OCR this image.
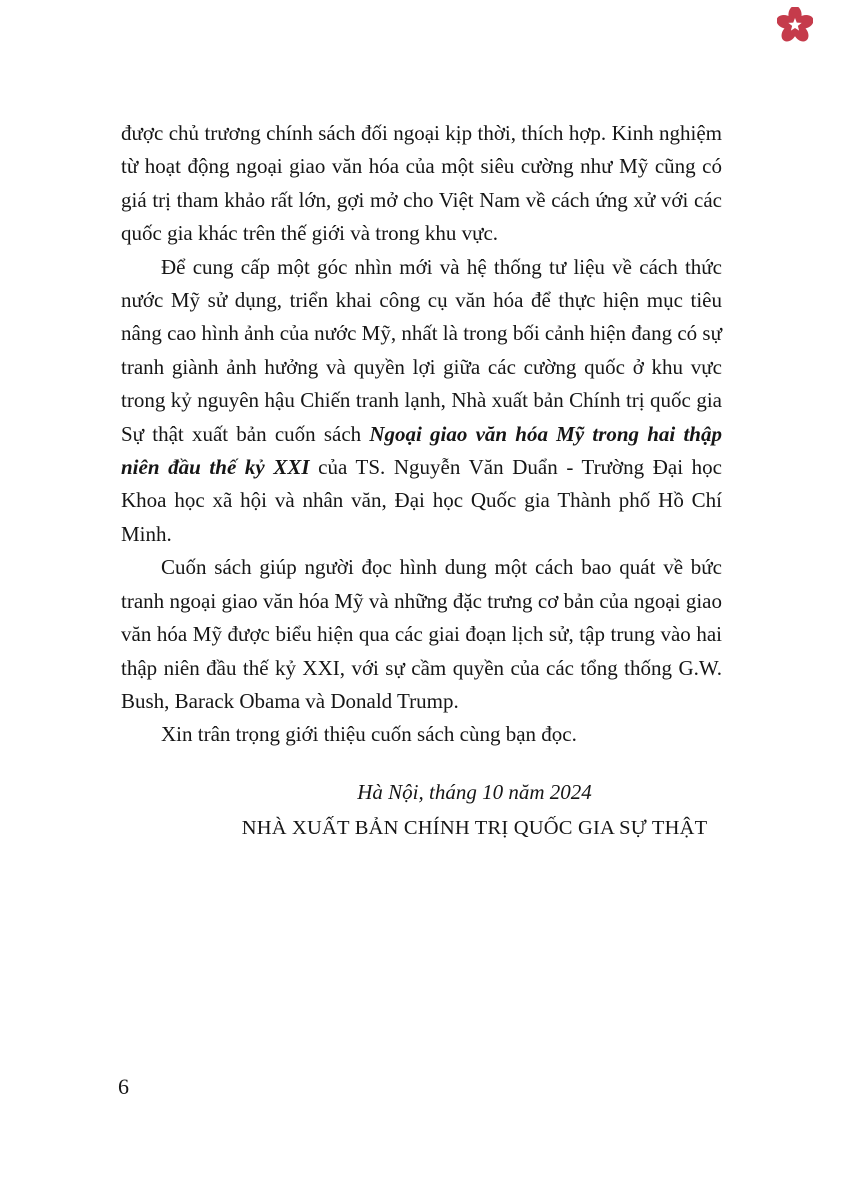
được chủ trương chính sách đối ngoại kịp thời, thích hợp. Kinh nghiệm từ hoạt động ngoại giao văn hóa của một siêu cường như Mỹ cũng có giá trị tham khảo rất lớn, gợi mở cho Việt Nam về cách ứng xử với các quốc gia khác trên thế giới và trong khu vực.

Để cung cấp một góc nhìn mới và hệ thống tư liệu về cách thức nước Mỹ sử dụng, triển khai công cụ văn hóa để thực hiện mục tiêu nâng cao hình ảnh của nước Mỹ, nhất là trong bối cảnh hiện đang có sự tranh giành ảnh hưởng và quyền lợi giữa các cường quốc ở khu vực trong kỷ nguyên hậu Chiến tranh lạnh, Nhà xuất bản Chính trị quốc gia Sự thật xuất bản cuốn sách Ngoại giao văn hóa Mỹ trong hai thập niên đầu thế kỷ XXI của TS. Nguyễn Văn Duẩn - Trường Đại học Khoa học xã hội và nhân văn, Đại học Quốc gia Thành phố Hồ Chí Minh.

Cuốn sách giúp người đọc hình dung một cách bao quát về bức tranh ngoại giao văn hóa Mỹ và những đặc trưng cơ bản của ngoại giao văn hóa Mỹ được biểu hiện qua các giai đoạn lịch sử, tập trung vào hai thập niên đầu thế kỷ XXI, với sự cầm quyền của các tổng thống G.W. Bush, Barack Obama và Donald Trump.

Xin trân trọng giới thiệu cuốn sách cùng bạn đọc.

Hà Nội, tháng 10 năm 2024
NHÀ XUẤT BẢN CHÍNH TRỊ QUỐC GIA SỰ THẬT
6
